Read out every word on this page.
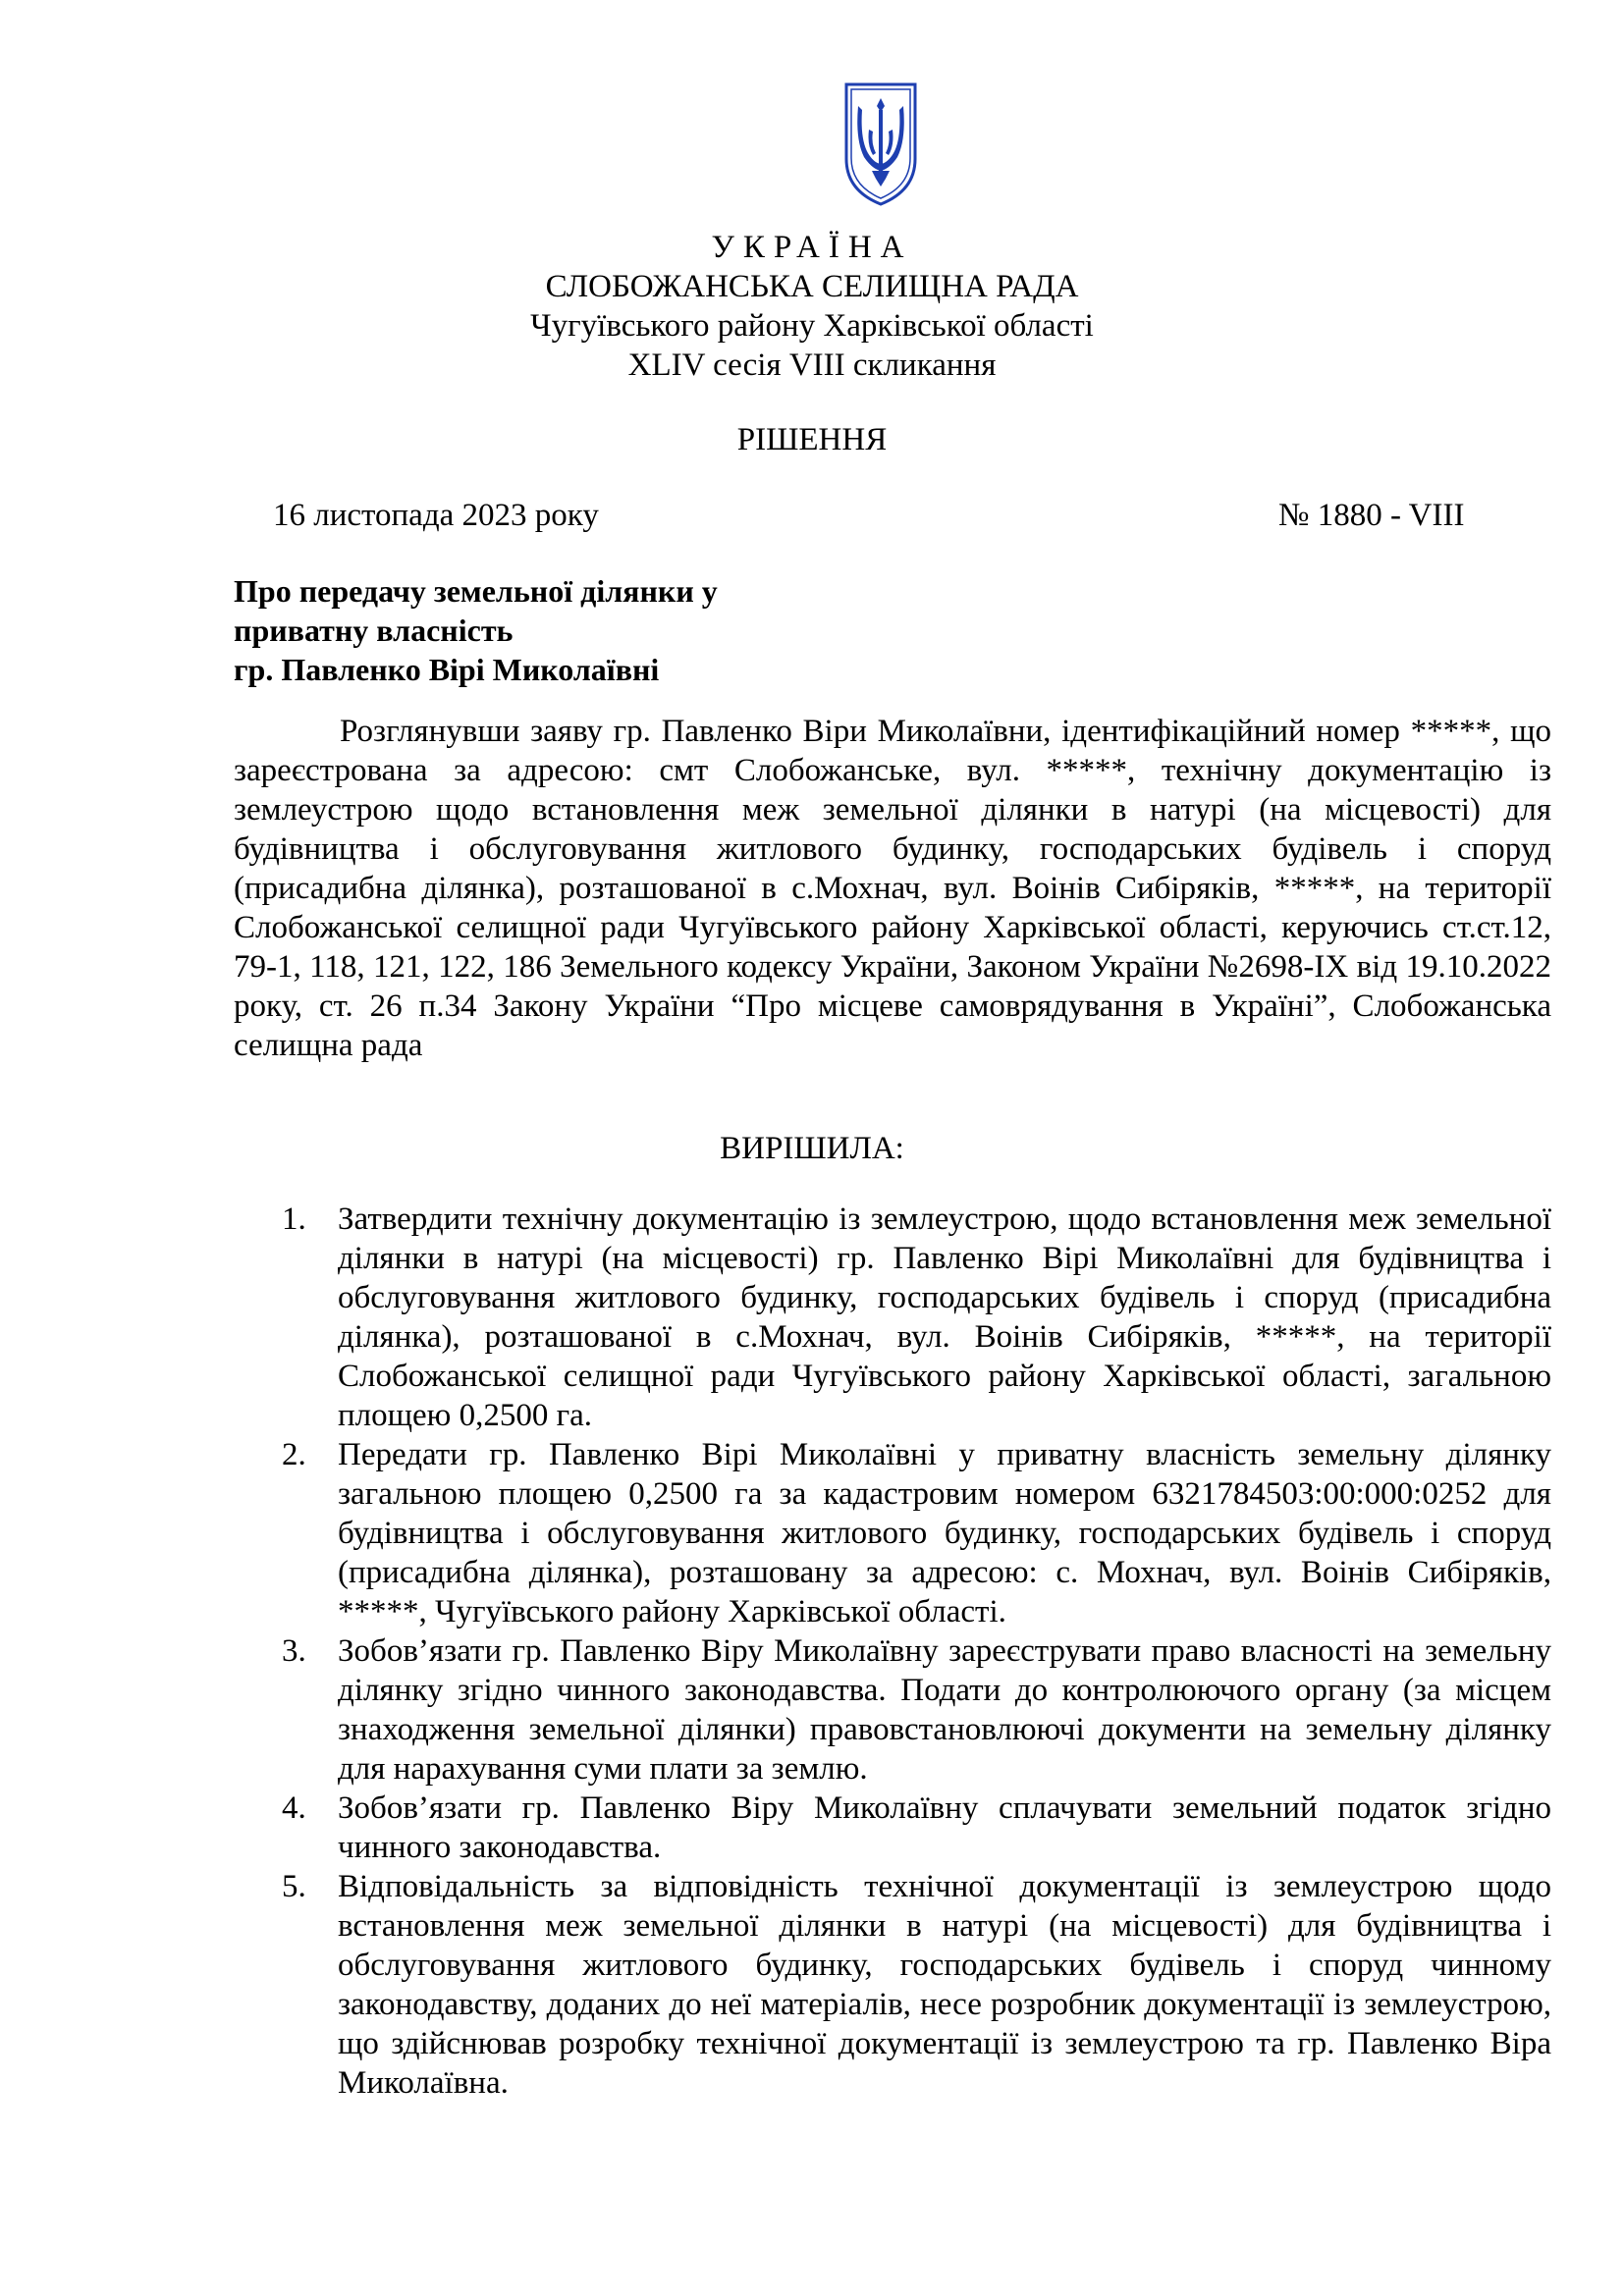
УКРАЇНА
СЛОБОЖАНСЬКА СЕЛИЩНА РАДА
Чугуївського району Харківської області
XLIV сесія VIII скликання
РІШЕННЯ
16 листопада 2023 року	№ 1880 - VIII
Про передачу земельної ділянки у
приватну власність
гр. Павленко Вірі Миколаївні
Розглянувши заяву гр. Павленко Віри Миколаївни, ідентифікаційний номер *****, що зареєстрована за адресою: смт Слобожанське, вул. *****, технічну документацію із землеустрою щодо встановлення меж земельної ділянки в натурі (на місцевості) для будівництва і обслуговування житлового будинку, господарських будівель і споруд (присадибна ділянка), розташованої в с.Мохнач, вул. Воінів Сибіряків, *****, на території Слобожанської селищної ради Чугуївського району Харківської області, керуючись ст.ст.12, 79-1, 118, 121, 122, 186 Земельного кодексу України, Законом України №2698-IX від 19.10.2022 року, ст. 26 п.34 Закону України “Про місцеве самоврядування в Україні”, Слобожанська селищна рада
ВИРІШИЛА:
1. Затвердити технічну документацію із землеустрою, щодо встановлення меж земельної ділянки в натурі (на місцевості) гр. Павленко Вірі Миколаївні для будівництва і обслуговування житлового будинку, господарських будівель і споруд (присадибна ділянка), розташованої в с.Мохнач, вул. Воінів Сибіряків, *****, на території Слобожанської селищної ради Чугуївського району Харківської області, загальною площею 0,2500 га.
2. Передати гр. Павленко Вірі Миколаївні у приватну власність земельну ділянку загальною площею 0,2500 га за кадастровим номером 6321784503:00:000:0252 для будівництва і обслуговування житлового будинку, господарських будівель і споруд (присадибна ділянка), розташовану за адресою: с. Мохнач, вул. Воінів Сибіряків, *****, Чугуївського району Харківської області.
3. Зобов’язати гр. Павленко Віру Миколаївну зареєструвати право власності на земельну ділянку згідно чинного законодавства. Подати до контролюючого органу (за місцем знаходження земельної ділянки) правовстановлюючі документи на земельну ділянку для нарахування суми плати за землю.
4. Зобов’язати гр. Павленко Віру Миколаївну сплачувати земельний податок згідно чинного законодавства.
5. Відповідальність за відповідність технічної документації із землеустрою щодо встановлення меж земельної ділянки в натурі (на місцевості) для будівництва і обслуговування житлового будинку, господарських будівель і споруд чинному законодавству, доданих до неї матеріалів, несе розробник документації із землеустрою, що здійснював розробку технічної документації із землеустрою та гр. Павленко Віра Миколаївна.
